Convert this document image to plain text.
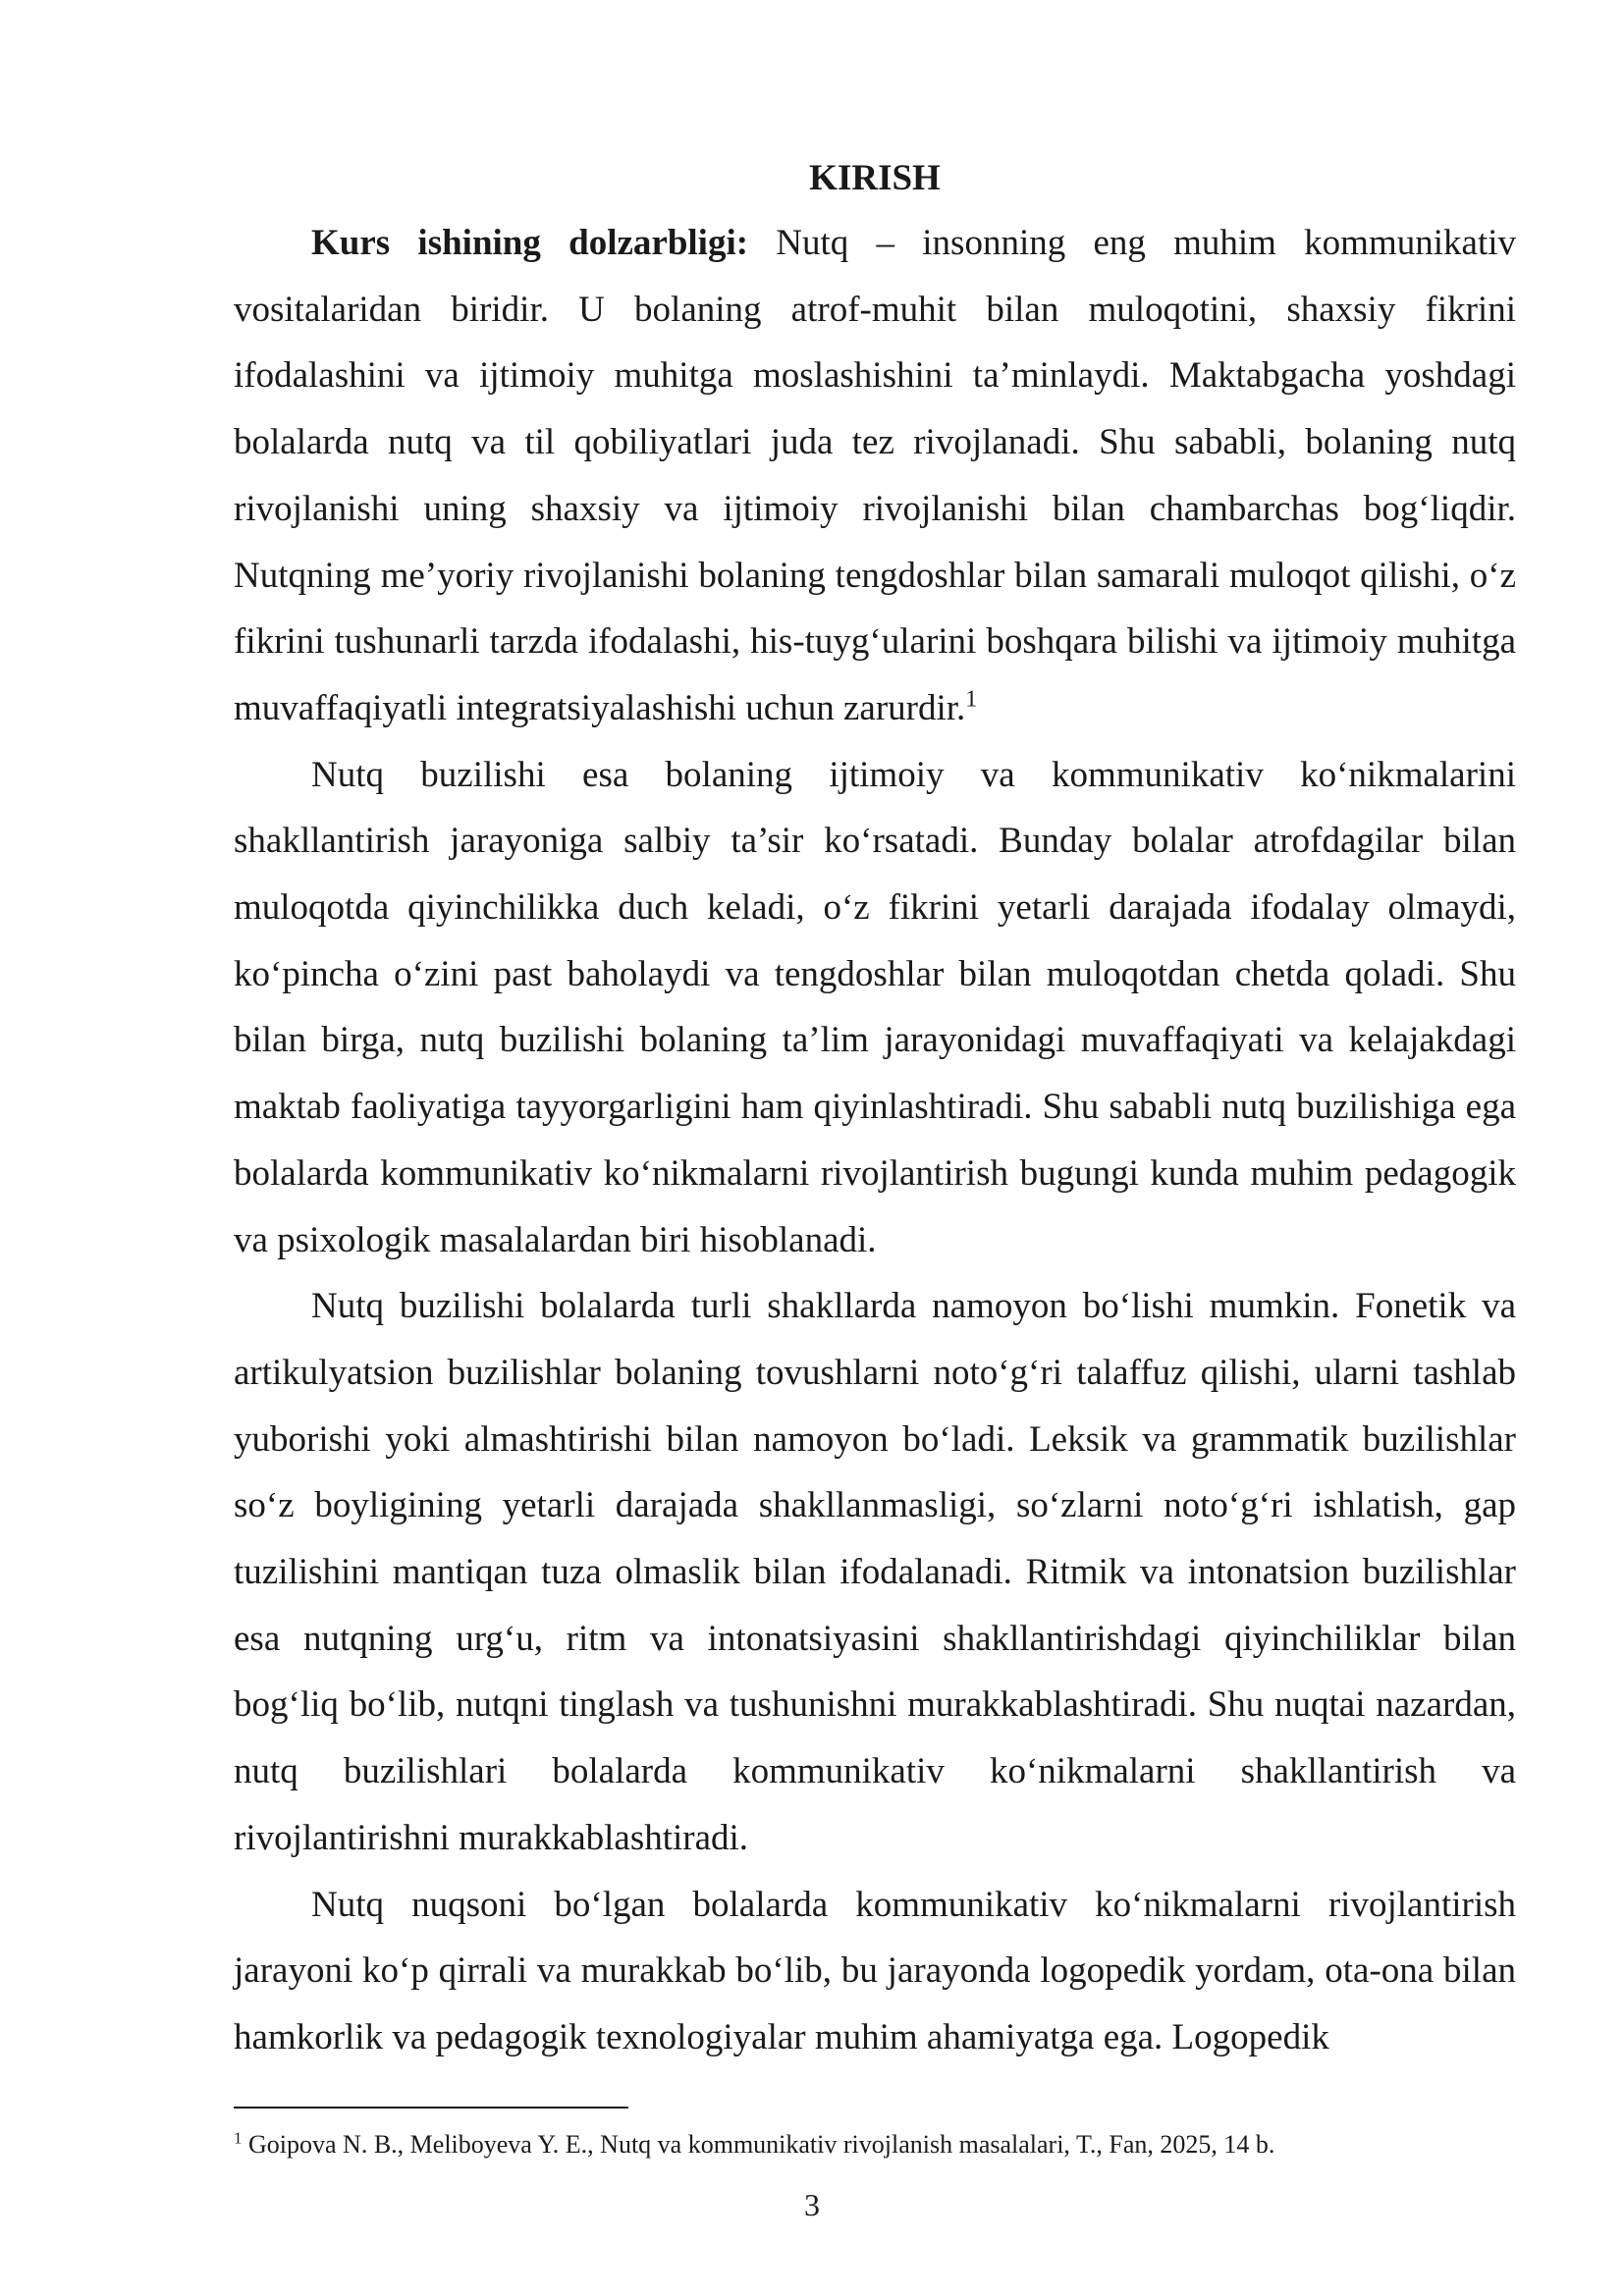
KIRISH

Kurs ishining dolzarbligi: Nutq – insonning eng muhim kommunikativ vositalaridan biridir. U bolaning atrof-muhit bilan muloqotini, shaxsiy fikrini ifodalashini va ijtimoiy muhitga moslashishini ta’minlaydi. Maktabgacha yoshdagi bolalarda nutq va til qobiliyatlari juda tez rivojlanadi. Shu sababli, bolaning nutq rivojlanishi uning shaxsiy va ijtimoiy rivojlanishi bilan chambarchas bog‘liqdir. Nutqning me’yoriy rivojlanishi bolaning tengdoshlar bilan samarali muloqot qilishi, o‘z fikrini tushunarli tarzda ifodalashi, his-tuyg‘ularini boshqara bilishi va ijtimoiy muhitga muvaffaqiyatli integratsiyalashishi uchun zarurdir.$^1$

Nutq buzilishi esa bolaning ijtimoiy va kommunikativ ko‘nikmalarini shakllantirish jarayoniga salbiy ta’sir ko‘rsatadi. Bunday bolalar atrofdagilar bilan muloqotda qiyinchilikka duch keladi, o‘z fikrini yetarli darajada ifodalay olmaydi, ko‘pincha o‘zini past baholaydi va tengdoshlar bilan muloqotdan chetda qoladi. Shu bilan birga, nutq buzilishi bolaning ta’lim jarayonidagi muvaffaqiyati va kelajakdagi maktab faoliyatiga tayyorgarligini ham qiyinlashtiradi. Shu sababli nutq buzilishiga ega bolalarda kommunikativ ko‘nikmalarni rivojlantirish bugungi kunda muhim pedagogik va psixologik masalalardan biri hisoblanadi.

Nutq buzilishi bolalarda turli shakllarda namoyon bo‘lishi mumkin. Fonetik va artikulyatsion buzilishlar bolaning tovushlarni noto‘g‘ri talaffuz qilishi, ularni tashlab yuborishi yoki almashtirishi bilan namoyon bo‘ladi. Leksik va grammatik buzilishlar so‘z boyligining yetarli darajada shakllanmasligi, so‘zlarni noto‘g‘ri ishlatish, gap tuzilishini mantiqan tuza olmaslik bilan ifodalanadi. Ritmik va intonatsion buzilishlar esa nutqning urg‘u, ritm va intonatsiyasini shakllantirishdagi qiyinchiliklar bilan bog‘liq bo‘lib, nutqni tinglash va tushunishni murakkablashtiradi. Shu nuqtai nazardan, nutq buzilishlari bolalarda kommunikativ ko‘nikmalarni shakllantirish va rivojlantirishni murakkablashtiradi.

Nutq nuqsoni bo‘lgan bolalarda kommunikativ ko‘nikmalarni rivojlantirish jarayoni ko‘p qirrali va murakkab bo‘lib, bu jarayonda logopedik yordam, ota-ona bilan hamkorlik va pedagogik texnologiyalar muhim ahamiyatga ega. Logopedik

$^1$ Goipova N. B., Meliboyeva Y. E., Nutq va kommunikativ rivojlanish masalalari, T., Fan, 2025, 14 b.

3
